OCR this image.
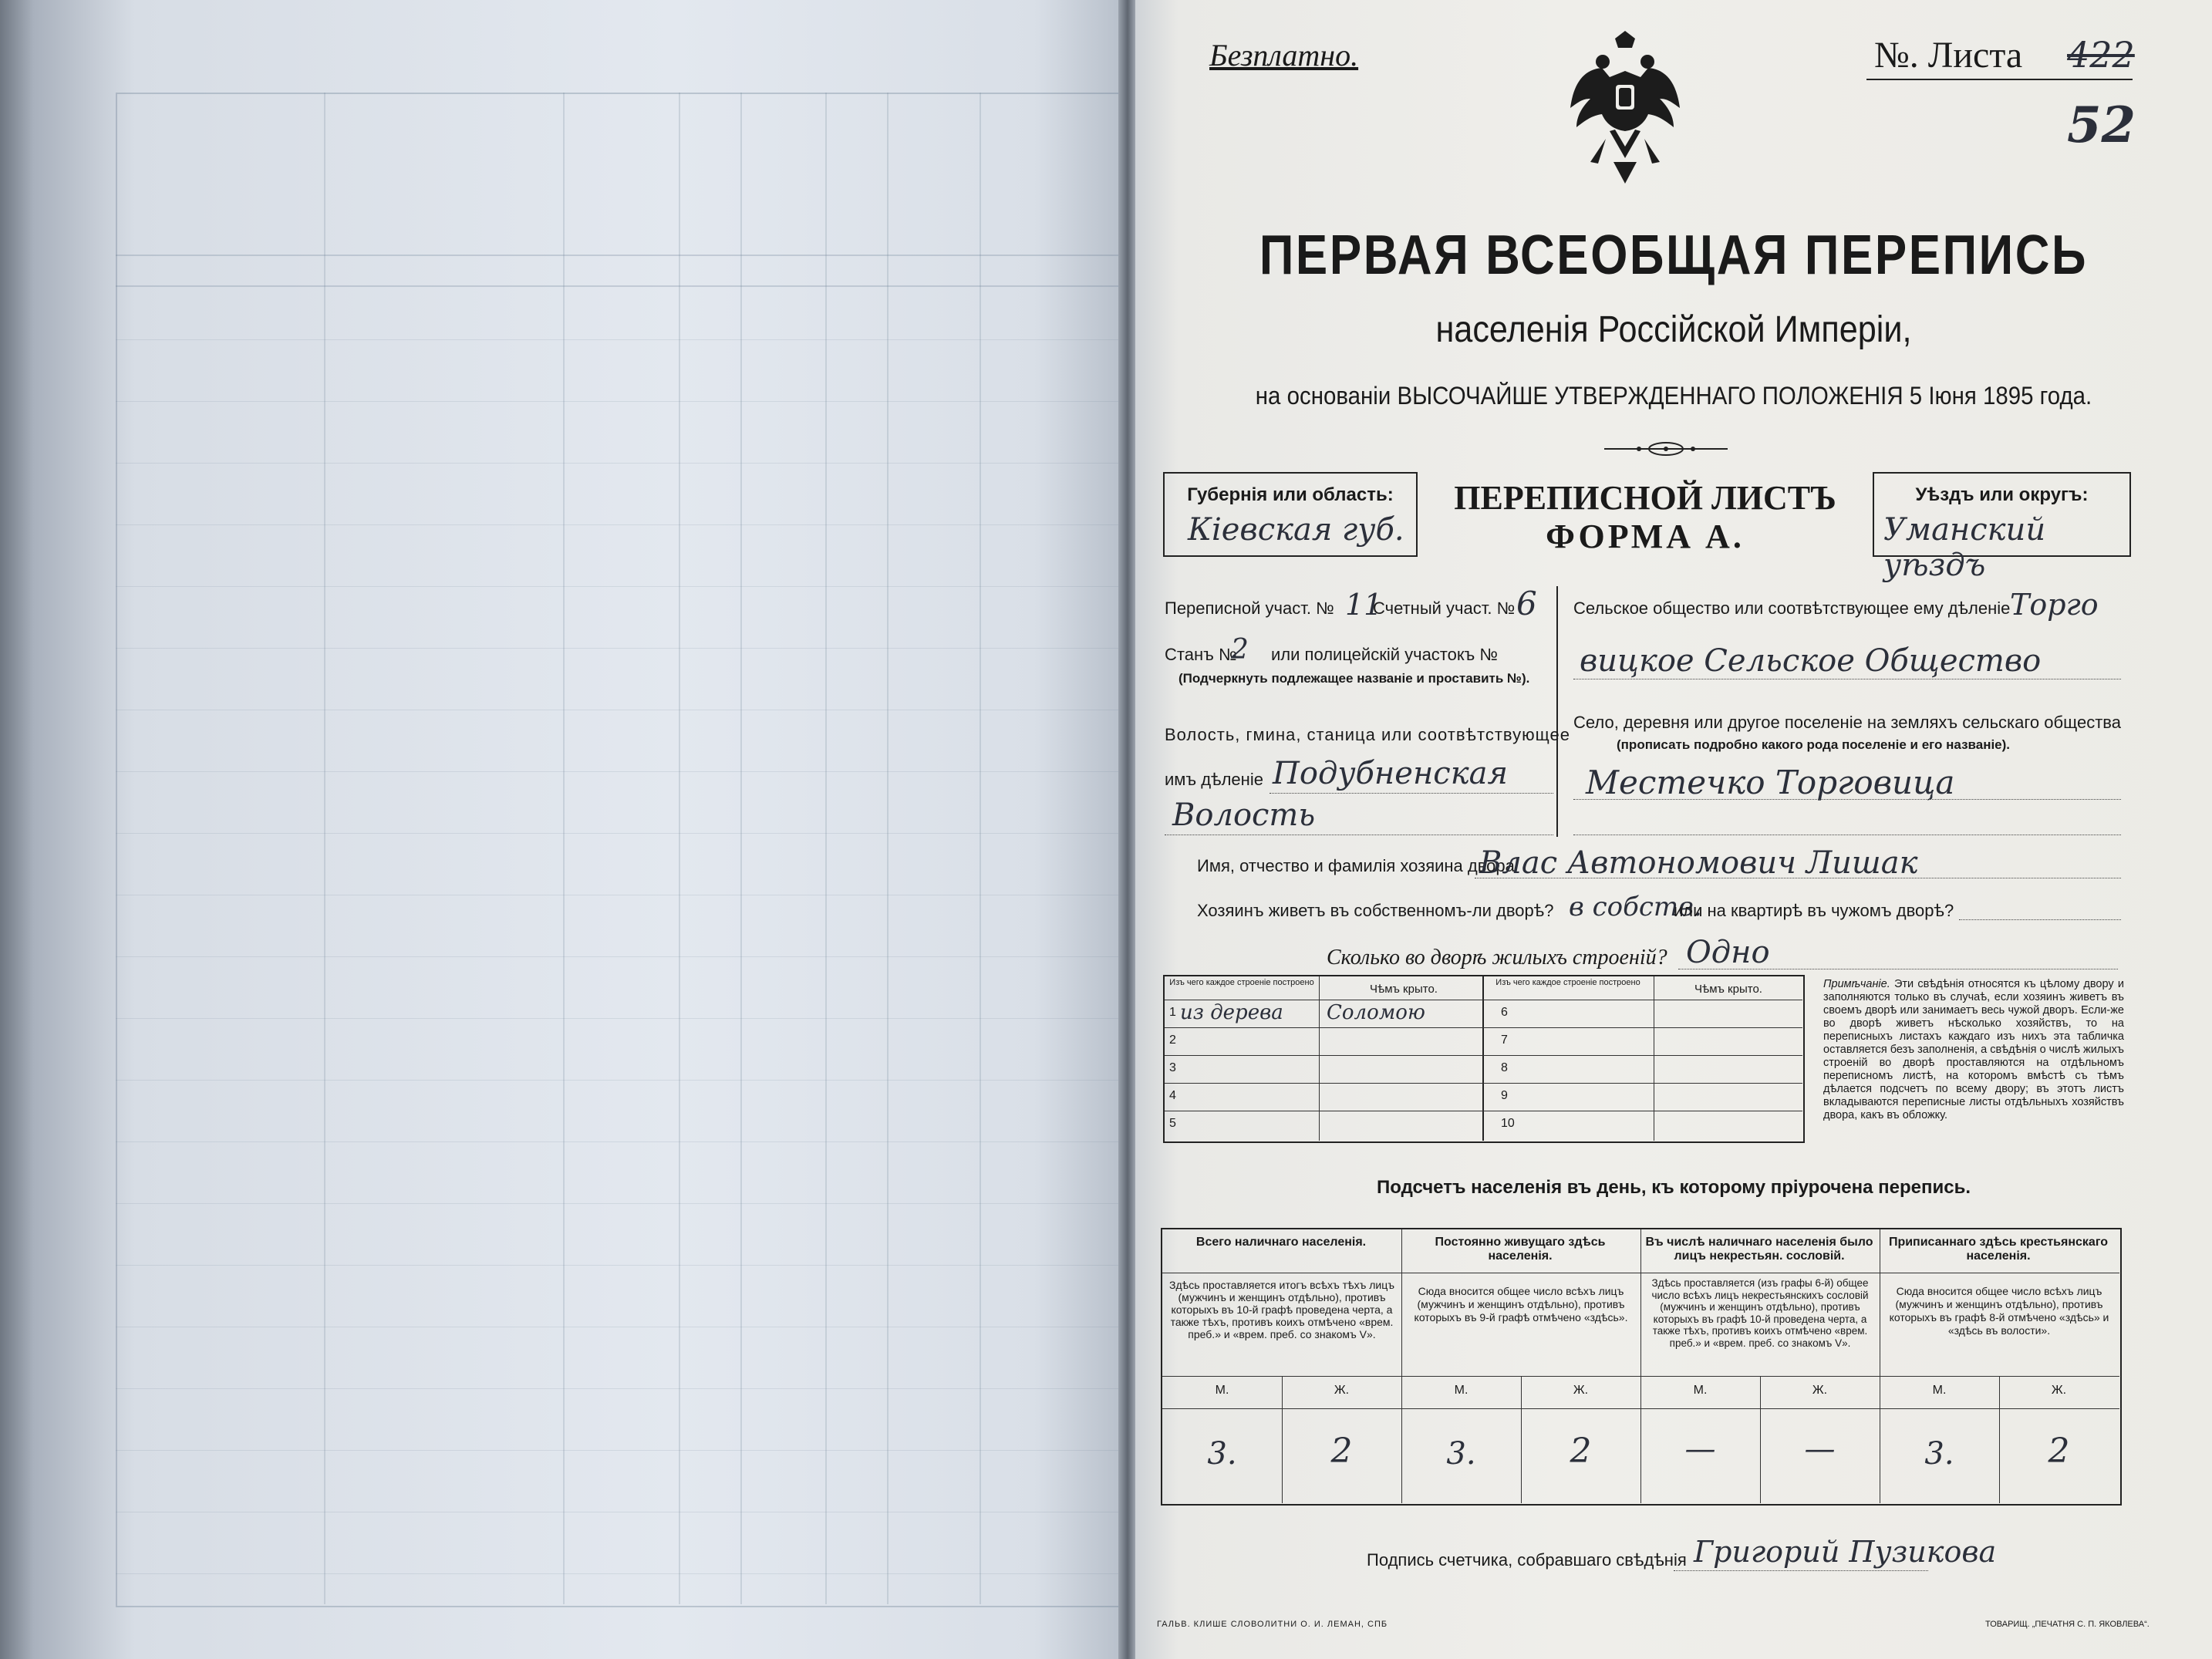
Безплатно.	№. Листа 422
52
ПЕРВАЯ ВСЕОБЩАЯ ПЕРЕПИСЬ
населенія Россійской Имперіи,
на основаніи ВЫСОЧАЙШЕ УТВЕРЖДЕННАГО ПОЛОЖЕНІЯ 5 Іюня 1895 года.
Губернія или область:
Кіевская губ.
ПЕРЕПИСНОЙ ЛИСТЪ
ФОРМА А.
Уѣздъ или округъ:
Уманский уѣздъ
Переписной участ. № 11
Счетный участ. № 6
Станъ №
2 или полицейскій участокъ №
(Подчеркнуть подлежащее названіе и проставить №).
Волость, гмина, станица или соотвѣтствующее
имъ дѣленіе Подубненская
Волость
Сельское общество или соотвѣтствующее ему дѣленіе Торго
вицкое Сельское Общество
Село, деревня или другое поселеніе на земляхъ сельскаго общества
(прописать подробно какого рода поселеніе и его названіе).
Местечко Торговица
Имя, отчество и фамилія хозяина двора
Влас Автономович Лишак
Хозяинъ живетъ въ собственномъ-ли дворѣ? в собств.
или на квартирѣ въ чужомъ дворѣ?
Сколько во дворѣ жилыхъ строеній? Одно
Изъ чего каждое строеніе построено	Чѣмъ крыто.
1 из дерева Соломою
2
3
4
5
Изъ чего каждое строеніе построено	Чѣмъ крыто.
6
7
8
9
10
Примѣчаніе. Эти свѣдѣнія относятся къ цѣлому двору и заполняются только въ случаѣ, если хозяинъ живетъ въ своемъ дворѣ или занимаетъ весь чужой дворъ. Если-же во дворѣ живетъ нѣсколько хозяйствъ, то на переписныхъ листахъ каждаго изъ нихъ эта табличка оставляется безъ заполненія, а свѣдѣнія о числѣ жилыхъ строеній во дворѣ проставляются на отдѣльномъ переписномъ листѣ, на которомъ вмѣстѣ съ тѣмъ дѣлается подсчетъ по всему двору; въ этотъ листъ вкладываются переписные листы отдѣльныхъ хозяйствъ двора, какъ въ обложку.
Подсчетъ населенія въ день, къ которому пріурочена перепись.
Всего наличнаго населенія.
Здѣсь проставляется итогъ всѣхъ тѣхъ лицъ (мужчинъ и женщинъ отдѣльно), противъ которыхъ въ 10-й графѣ проведена черта, а также тѣхъ, противъ коихъ отмѣчено «врем. преб.» и «врем. преб. со знакомъ V».
М.	Ж.
3.	2
Постоянно живущаго здѣсь населенія.
Сюда вносится общее число всѣхъ лицъ (мужчинъ и женщинъ отдѣльно), противъ которыхъ въ 9-й графѣ отмѣчено «здѣсь».
М.	Ж.
3.	2
Въ числѣ наличнаго населенія было лицъ некрестьян. сословій.
Здѣсь проставляется (изъ графы 6-й) общее число всѣхъ лицъ некрестьянскихъ сословій (мужчинъ и женщинъ отдѣльно), противъ которыхъ въ графѣ 10-й проведена черта, а также тѣхъ, противъ коихъ отмѣчено «врем. преб.» и «врем. преб. со знакомъ V».
М.	Ж.
—	—
Приписаннаго здѣсь крестьянскаго населенія.
Сюда вносится общее число всѣхъ лицъ (мужчинъ и женщинъ отдѣльно), противъ которыхъ въ графѣ 8-й отмѣчено «здѣсь» и «здѣсь въ волости».
М.	Ж.
3.	2
Подпись счетчика, собравшаго свѣдѣнія Григорий Пузикова
ГАЛЬВ. КЛИШЕ СЛОВОЛИТНИ О. И. ЛЕМАН, СПБ	ТОВАРИЩ. „ПЕЧАТНЯ С. П. ЯКОВЛЕВА“.
